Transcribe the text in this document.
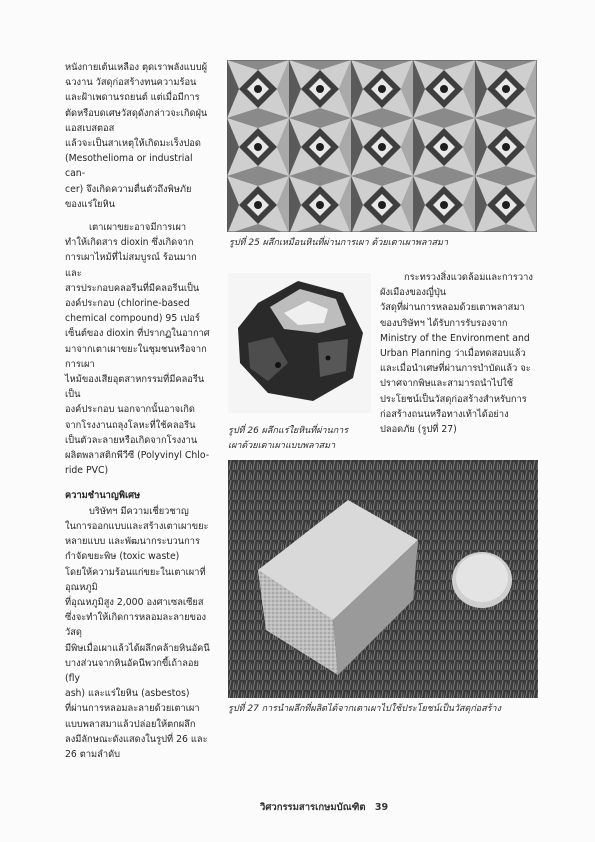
หนังกายเต้นเหลือง ตุดเราพลังแบบผู้

ฉวงาน วัสดุก่อสร้างทนความร้อน

และฝ้าเพดานรถยนต์ แต่เมื่อมีการ

ตัดหรือบดเศษวัสดุดังกล่าวจะเกิดฝุ่นแอสเบสตอส

แล้วจะเป็นสาเหตุให้เกิดมะเร็งปอด

(Mesothelioma or industrial can-

cer) จึงเกิดความตื่นตัวถึงพิษภัย

ของแร่ใยหิน

เตาเผาขยะอาจมีการเผา

ทำให้เกิดสาร dioxin ซึ่งเกิดจาก

การเผาไหม้ที่ไม่สมบูรณ์ ร้อนมาก และ

สารประกอบคลอรีนที่มีคลอรีนเป็น

องค์ประกอบ (chlorine-based

chemical compound) 95 เปอร์

เซ็นต์ของ dioxin ที่ปรากฏในอากาศ

มาจากเตาเผาขยะในชุมชนหรือจากการเผา

ไหม้ของเสียอุตสาหกรรมที่มีคลอรีนเป็น

องค์ประกอบ นอกจากนั้นอาจเกิด

จากโรงงานถลุงโลหะที่ใช้คลอรีน

เป็นตัวละลายหรือเกิดจากโรงงาน

ผลิตพลาสติกพีวีซี (Polyvinyl Chlo-

ride PVC)

ความชำนาญพิเศษ

บริษัทฯ มีความเชี่ยวชาญ

ในการออกแบบและสร้างเตาเผาขยะ

หลายแบบ และพัฒนากระบวนการ

กำจัดขยะพิษ (toxic waste)

โดยให้ความร้อนแก่ขยะในเตาเผาที่อุณหภูมิ

ที่อุณหภูมิสูง 2,000 องศาเซลเซียส

ซึ่งจะทำให้เกิดการหลอมละลายของวัสดุ

มีพิษเมื่อเผาแล้วได้ผลึกคล้ายหินอัคนี

บางส่วนจากหินอัคนีพวกขี้เถ้าลอย (fly

ash) และแร่ใยหิน (asbestos)

ที่ผ่านการหลอมละลายด้วยเตาเผา

แบบพลาสมาแล้วปล่อยให้ตกผลึก

ลงมีลักษณะดังแสดงในรูปที่ 26 และ

26 ตามลำดับ

รูปที่ 25 ผลึกเหมือนหินที่ผ่านการเผา ด้วยเตาเผาพลาสมา
รูปที่ 26 ผลึกแร่ใยหินที่ผ่านการ
เผาด้วยเตาเผาแบบพลาสมา

กระทรวงสิ่งแวดล้อมและการวางผังเมืองของญี่ปุ่น

วัสดุที่ผ่านการหลอมด้วยเตาพลาสมา

ของบริษัทฯ ได้รับการรับรองจาก

Ministry of the Environment and

Urban Planning ว่าเมื่อทดสอบแล้ว

และเมื่อนำเศษที่ผ่านการบำบัดแล้ว จะ

ปราศจากพิษและสามารถนำไปใช้

ประโยชน์เป็นวัสดุก่อสร้างสำหรับการ

ก่อสร้างถนนหรือทางเท้าได้อย่าง

ปลอดภัย (รูปที่ 27)

รูปที่ 27 การนำผลึกที่ผลิตได้จากเตาเผาไปใช้ประโยชน์เป็นวัสดุก่อสร้าง
วิศวกรรมสารเกษมบัณฑิต 39
